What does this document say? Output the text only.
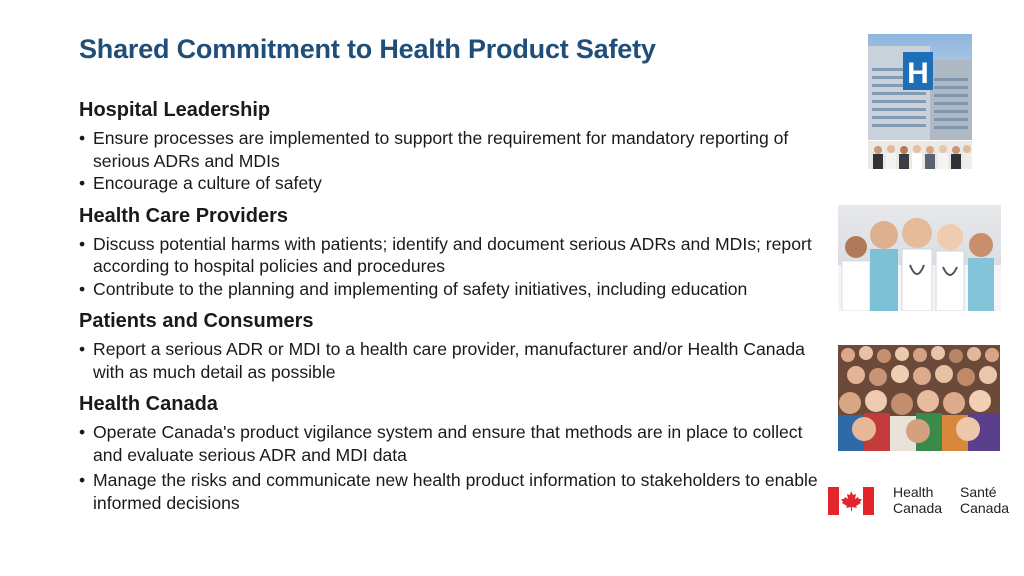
Shared Commitment to Health Product Safety
Hospital Leadership
• Ensure processes are implemented to support the requirement for mandatory reporting of serious ADRs and MDIs
• Encourage a culture of safety
Health Care Providers
• Discuss potential harms with patients; identify and document serious ADRs and MDIs; report according to hospital policies and procedures
• Contribute to the planning and implementing of safety initiatives, including education
Patients and Consumers
• Report a serious ADR or MDI to a health care provider, manufacturer and/or Health Canada with as much detail as possible
Health Canada
• Operate Canada's product vigilance system and ensure that methods are in place to collect and evaluate serious ADR and MDI data
• Manage the risks and communicate new health product information to stakeholders to enable informed decisions
H
Health
Canada
Santé
Canada
